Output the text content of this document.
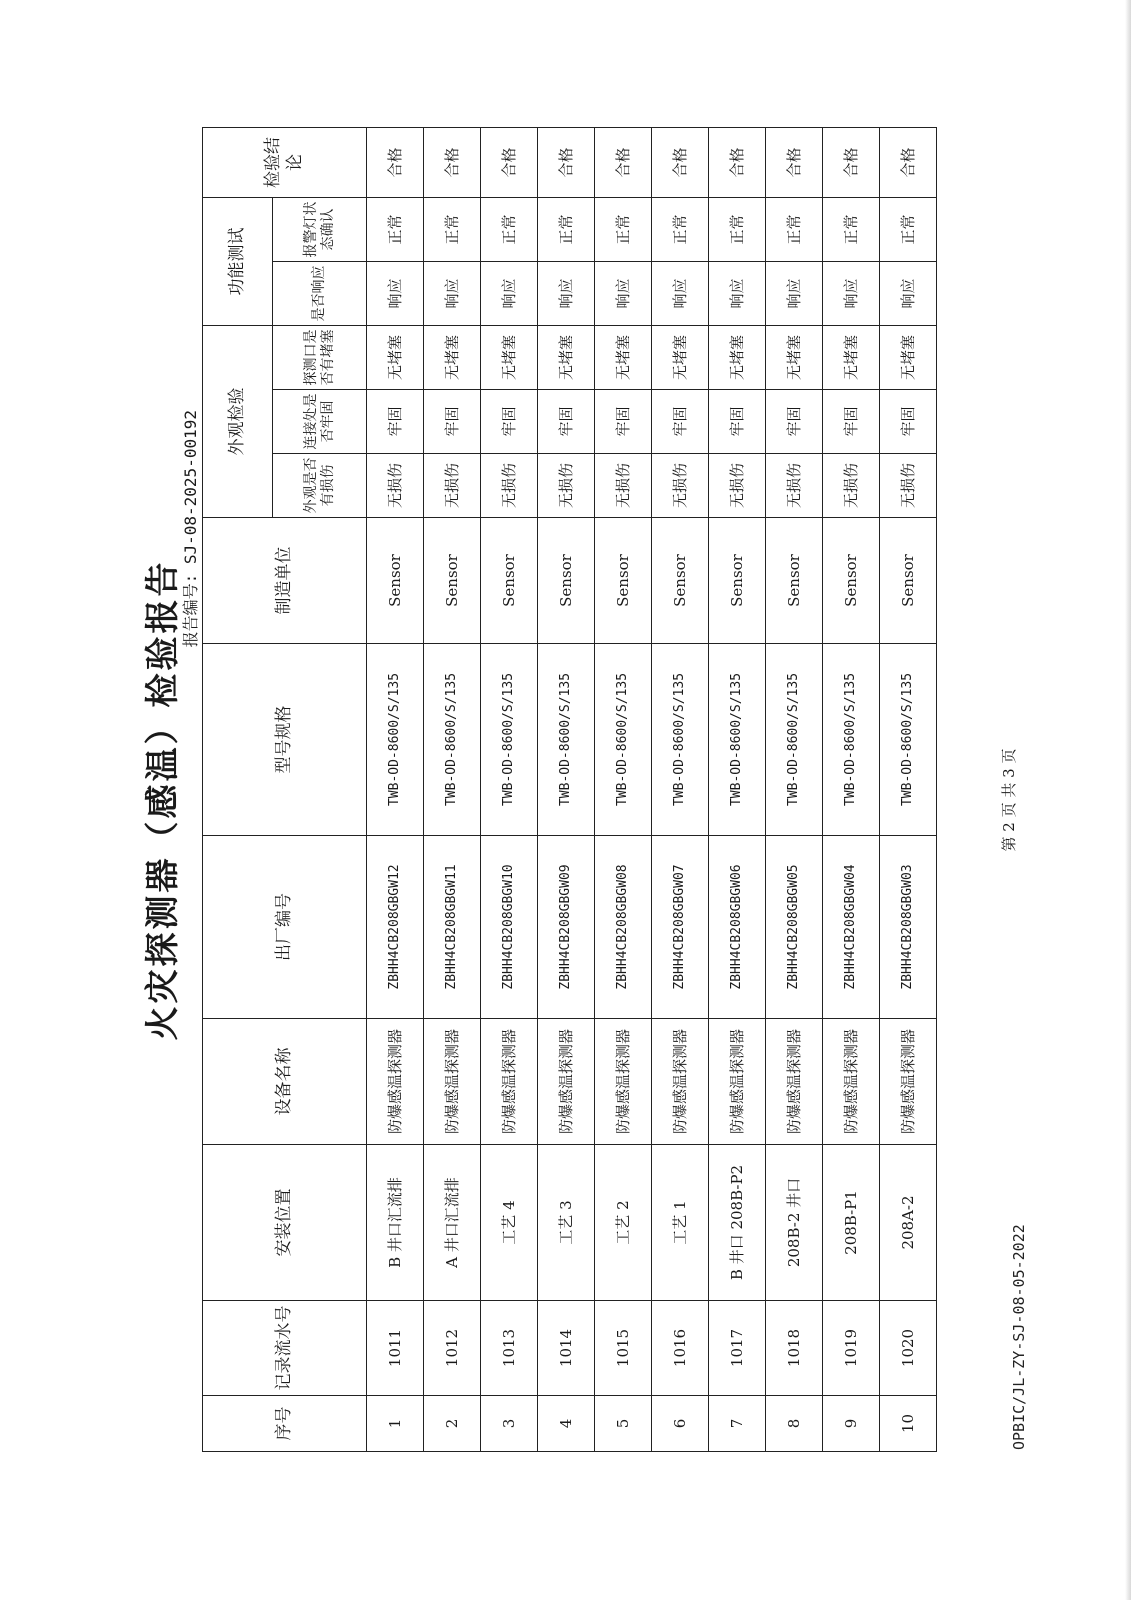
OPBIC/JL-ZY-SJ-08-05-2022
火灾探测器（感温）检验报告
报告编号: SJ-08-2025-00192
序号	记录流水号	安装位置	设备名称	出厂编号	型号规格	制造单位	外观检验			功能测试		检验结论
							外观是否有损伤	连接处是否牢固	探测口是否有堵塞	是否响应	报警灯状态确认	
1	1011	B 井口汇流排	防爆感温探测器	ZBHH4CB208GBGW12	TWB-OD-8600/S/135	Sensor	无损伤	牢固	无堵塞	响应	正常	合格
2	1012	A 井口汇流排	防爆感温探测器	ZBHH4CB208GBGW11	TWB-OD-8600/S/135	Sensor	无损伤	牢固	无堵塞	响应	正常	合格
3	1013	工艺 4	防爆感温探测器	ZBHH4CB208GBGW10	TWB-OD-8600/S/135	Sensor	无损伤	牢固	无堵塞	响应	正常	合格
4	1014	工艺 3	防爆感温探测器	ZBHH4CB208GBGW09	TWB-OD-8600/S/135	Sensor	无损伤	牢固	无堵塞	响应	正常	合格
5	1015	工艺 2	防爆感温探测器	ZBHH4CB208GBGW08	TWB-OD-8600/S/135	Sensor	无损伤	牢固	无堵塞	响应	正常	合格
6	1016	工艺 1	防爆感温探测器	ZBHH4CB208GBGW07	TWB-OD-8600/S/135	Sensor	无损伤	牢固	无堵塞	响应	正常	合格
7	1017	B 井口 208B-P2	防爆感温探测器	ZBHH4CB208GBGW06	TWB-OD-8600/S/135	Sensor	无损伤	牢固	无堵塞	响应	正常	合格
8	1018	208B-2 井口	防爆感温探测器	ZBHH4CB208GBGW05	TWB-OD-8600/S/135	Sensor	无损伤	牢固	无堵塞	响应	正常	合格
9	1019	208B-P1	防爆感温探测器	ZBHH4CB208GBGW04	TWB-OD-8600/S/135	Sensor	无损伤	牢固	无堵塞	响应	正常	合格
10	1020	208A-2	防爆感温探测器	ZBHH4CB208GBGW03	TWB-OD-8600/S/135	Sensor	无损伤	牢固	无堵塞	响应	正常	合格
第 2 页 共 3 页
